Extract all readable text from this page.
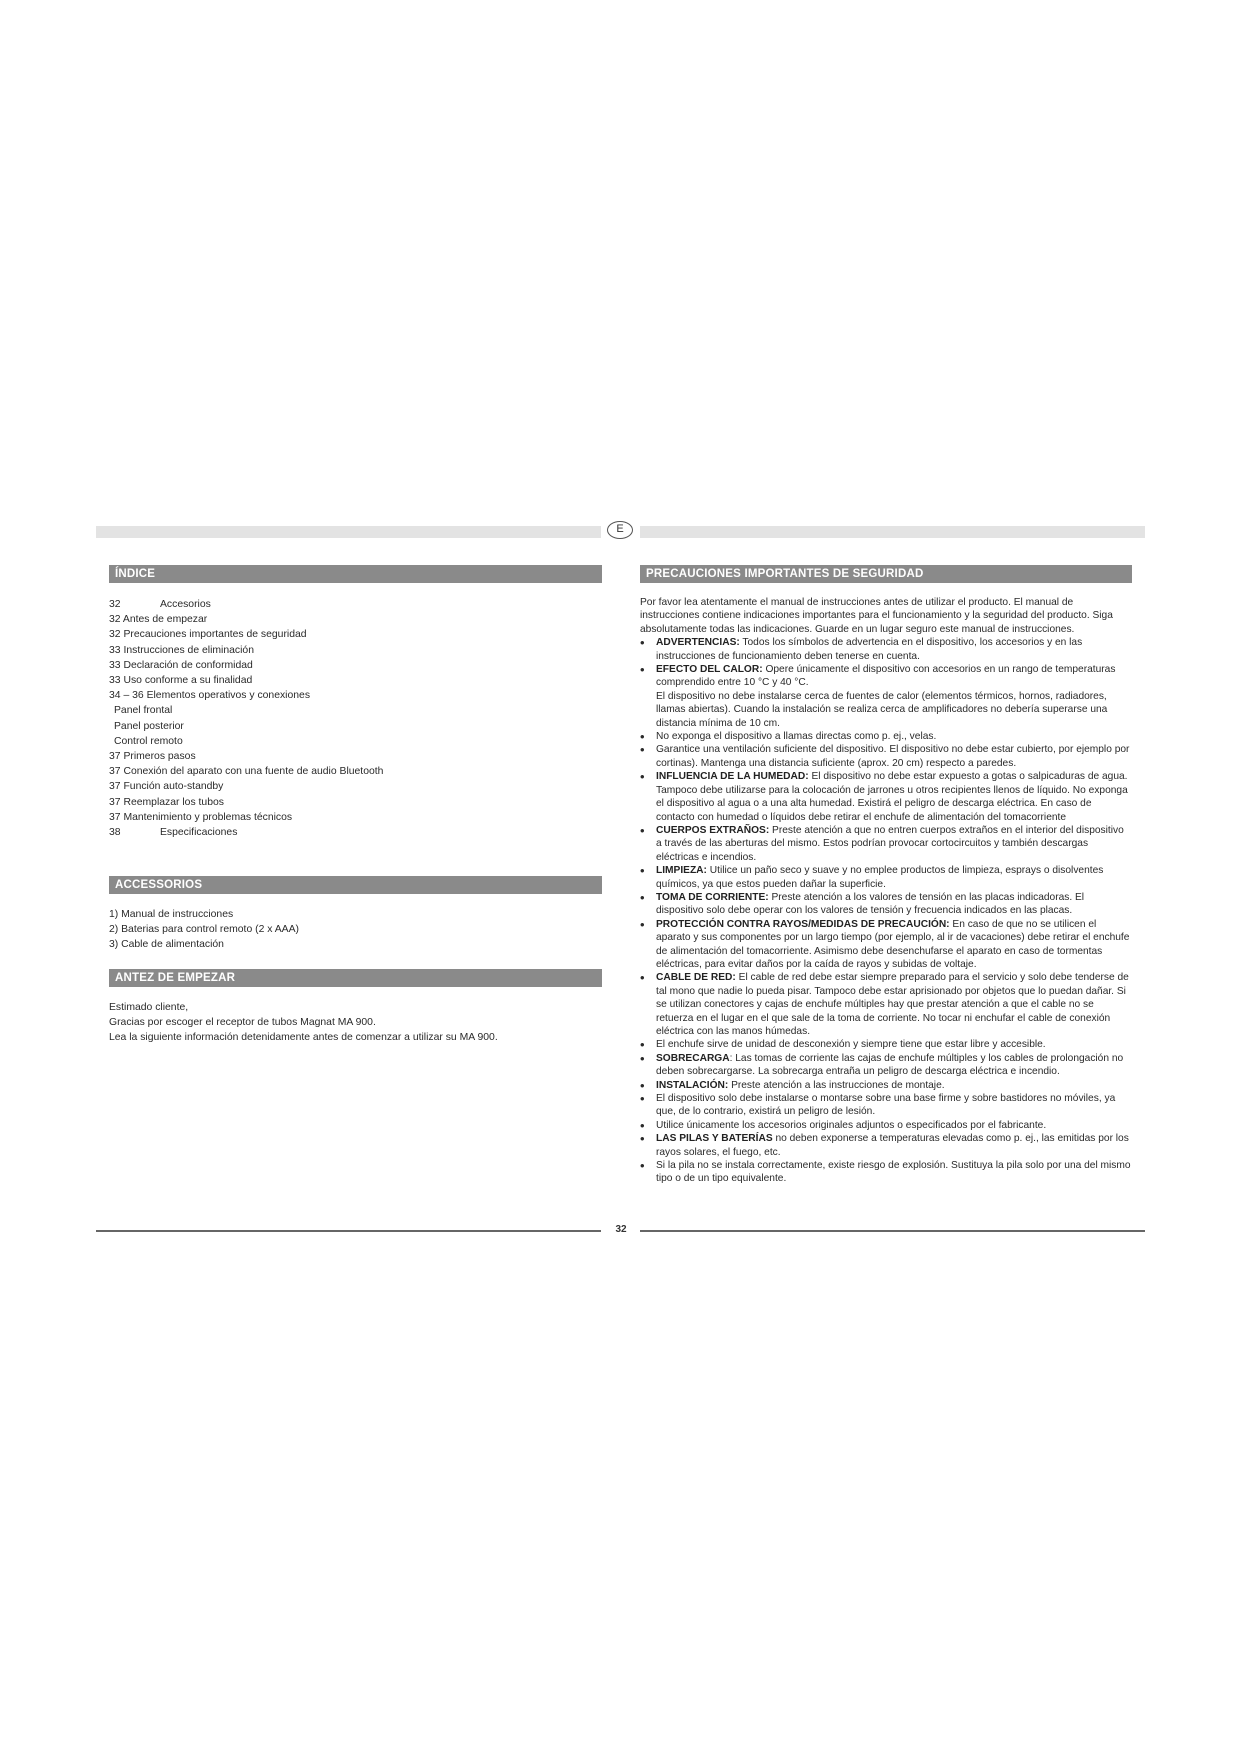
E
ÍNDICE
32	Accesorios
32 Antes de empezar
32 Precauciones importantes de seguridad
33 Instrucciones de eliminación
33 Declaración de conformidad
33 Uso conforme a su finalidad
34 – 36 Elementos operativos y conexiones
Panel frontal
Panel posterior
Control remoto
37 Primeros pasos
37 Conexión del aparato con una fuente de audio Bluetooth
37 Función auto-standby
37 Reemplazar los tubos
37 Mantenimiento y problemas técnicos
38	Especificaciones
ACCESSORIOS
1) Manual de instrucciones
2) Baterias para control remoto (2 x AAA)
3) Cable de alimentación
ANTEZ DE EMPEZAR
Estimado cliente,
Gracias por escoger el receptor de tubos Magnat MA 900.
Lea la siguiente información detenidamente antes de comenzar a utilizar su MA 900.
PRECAUCIONES IMPORTANTES DE SEGURIDAD

Por favor lea atentamente el manual de instrucciones antes de utilizar el producto. El manual de instrucciones contiene indicaciones importantes para el funcionamiento y la seguridad del producto. Siga absolutamente todas las indicaciones. Guarde en un lugar seguro este manual de instrucciones.

• ADVERTENCIAS: Todos los símbolos de advertencia en el dispositivo, los accesorios y en las instrucciones de funcionamiento deben tenerse en cuenta.

• EFECTO DEL CALOR: Opere únicamente el dispositivo con accesorios en un rango de temperaturas comprendido entre 10 °C y 40 °C.
El dispositivo no debe instalarse cerca de fuentes de calor (elementos térmicos, hornos, radiadores, llamas abiertas). Cuando la instalación se realiza cerca de amplificadores no debería superarse una distancia mínima de 10 cm.

• No exponga el dispositivo a llamas directas como p. ej., velas.

• Garantice una ventilación suficiente del dispositivo. El dispositivo no debe estar cubierto, por ejemplo por cortinas). Mantenga una distancia suficiente (aprox. 20 cm) respecto a paredes.

• INFLUENCIA DE LA HUMEDAD: El dispositivo no debe estar expuesto a gotas o salpicaduras de agua. Tampoco debe utilizarse para la colocación de jarrones u otros recipientes llenos de líquido. No exponga el dispositivo al agua o a una alta humedad. Existirá el peligro de descarga eléctrica. En caso de contacto con humedad o líquidos debe retirar el enchufe de alimentación del tomacorriente

• CUERPOS EXTRAÑOS: Preste atención a que no entren cuerpos extraños en el interior del dispositivo a través de las aberturas del mismo. Estos podrían provocar cortocircuitos y también descargas eléctricas e incendios.

• LIMPIEZA: Utilice un paño seco y suave y no emplee productos de limpieza, esprays o disolventes químicos, ya que estos pueden dañar la superficie.

• TOMA DE CORRIENTE: Preste atención a los valores de tensión en las placas indicadoras. El dispositivo solo debe operar con los valores de tensión y frecuencia indicados en las placas.

• PROTECCIÓN CONTRA RAYOS/MEDIDAS DE PRECAUCIÓN: En caso de que no se utilicen el aparato y sus componentes por un largo tiempo (por ejemplo, al ir de vacaciones) debe retirar el enchufe de alimentación del tomacorriente. Asimismo debe desenchufarse el aparato en caso de tormentas eléctricas, para evitar daños por la caída de rayos y subidas de voltaje.

• CABLE DE RED: El cable de red debe estar siempre preparado para el servicio y solo debe tenderse de tal mono que nadie lo pueda pisar. Tampoco debe estar aprisionado por objetos que lo puedan dañar. Si se utilizan conectores y cajas de enchufe múltiples hay que prestar atención a que el cable no se retuerza en el lugar en el que sale de la toma de corriente. No tocar ni enchufar el cable de conexión eléctrica con las manos húmedas.

• El enchufe sirve de unidad de desconexión y siempre tiene que estar libre y accesible.

• SOBRECARGA: Las tomas de corriente las cajas de enchufe múltiples y los cables de prolongación no deben sobrecargarse. La sobrecarga entraña un peligro de descarga eléctrica e incendio.

• INSTALACIÓN: Preste atención a las instrucciones de montaje.

• El dispositivo solo debe instalarse o montarse sobre una base firme y sobre bastidores no móviles, ya que, de lo contrario, existirá un peligro de lesión.

• Utilice únicamente los accesorios originales adjuntos o especificados por el fabricante.

• LAS PILAS Y BATERÍAS no deben exponerse a temperaturas elevadas como p. ej., las emitidas por los rayos solares, el fuego, etc.

• Si la pila no se instala correctamente, existe riesgo de explosión. Sustituya la pila solo por una del mismo tipo o de un tipo equivalente.

32
